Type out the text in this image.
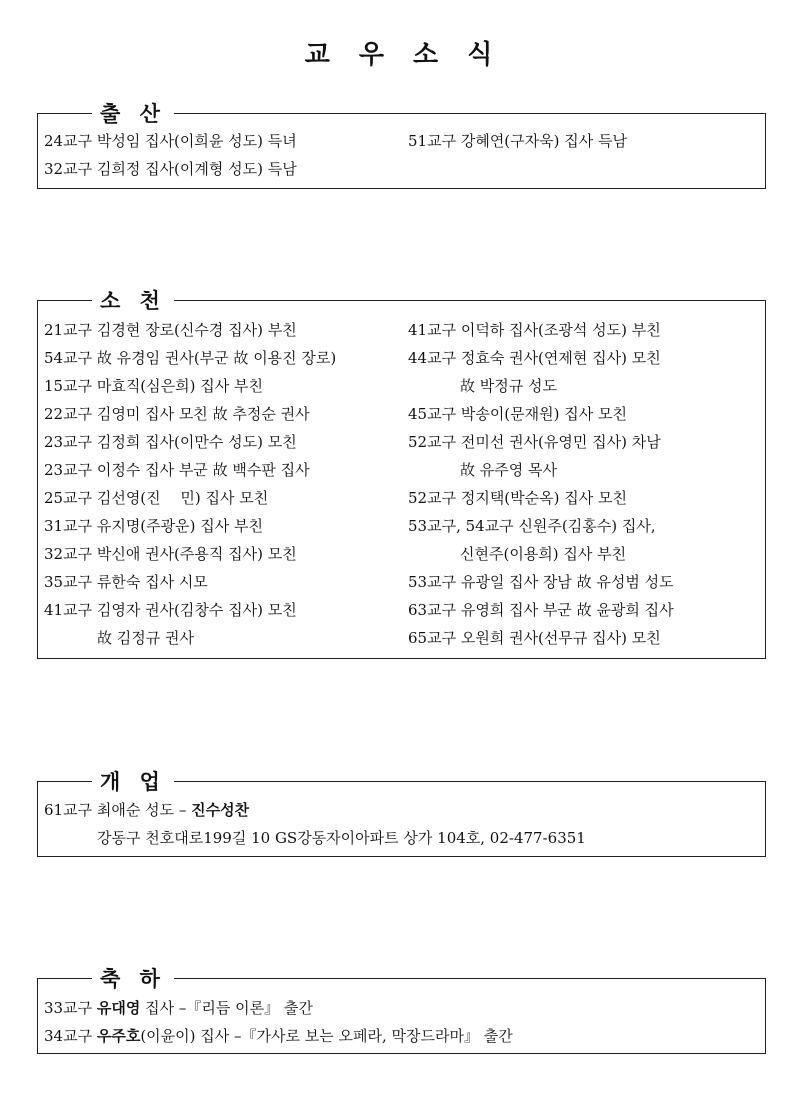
교 우 소 식
출 산
24교구 박성임 집사(이희윤 성도) 득녀	51교구 강혜연(구자욱) 집사 득남
32교구 김희정 집사(이계형 성도) 득남
소 천
21교구 김경현 장로(신수경 집사) 부친	41교구 이덕하 집사(조광석 성도) 부친
54교구 故 유경임 권사(부군 故 이용진 장로)	44교구 정효숙 권사(연제현 집사) 모친
15교구 마효직(심은희) 집사 부친	故 박정규 성도
22교구 김영미 집사 모친 故 추정순 권사	45교구 박송이(문재원) 집사 모친
23교구 김정희 집사(이만수 성도) 모친	52교구 전미선 권사(유영민 집사) 차남
23교구 이정수 집사 부군 故 백수판 집사	故 유주영 목사
25교구 김선영(진　 민) 집사 모친	52교구 정지택(박순옥) 집사 모친
31교구 유지명(주광운) 집사 부친	53교구, 54교구 신원주(김홍수) 집사,
32교구 박신애 권사(주용직 집사) 모친	신현주(이용희) 집사 부친
35교구 류한숙 집사 시모	53교구 유광일 집사 장남 故 유성범 성도
41교구 김영자 권사(김창수 집사) 모친	63교구 유영희 집사 부군 故 윤광희 집사
故 김정규 권사	65교구 오원희 권사(선무규 집사) 모친
개 업
61교구 최애순 성도 – 진수성찬
강동구 천호대로199길 10 GS강동자이아파트 상가 104호, 02-477-6351
축 하
33교구 유대영 집사 –『리듬 이론』 출간
34교구 우주호(이윤이) 집사 –『가사로 보는 오페라, 막장드라마』 출간
